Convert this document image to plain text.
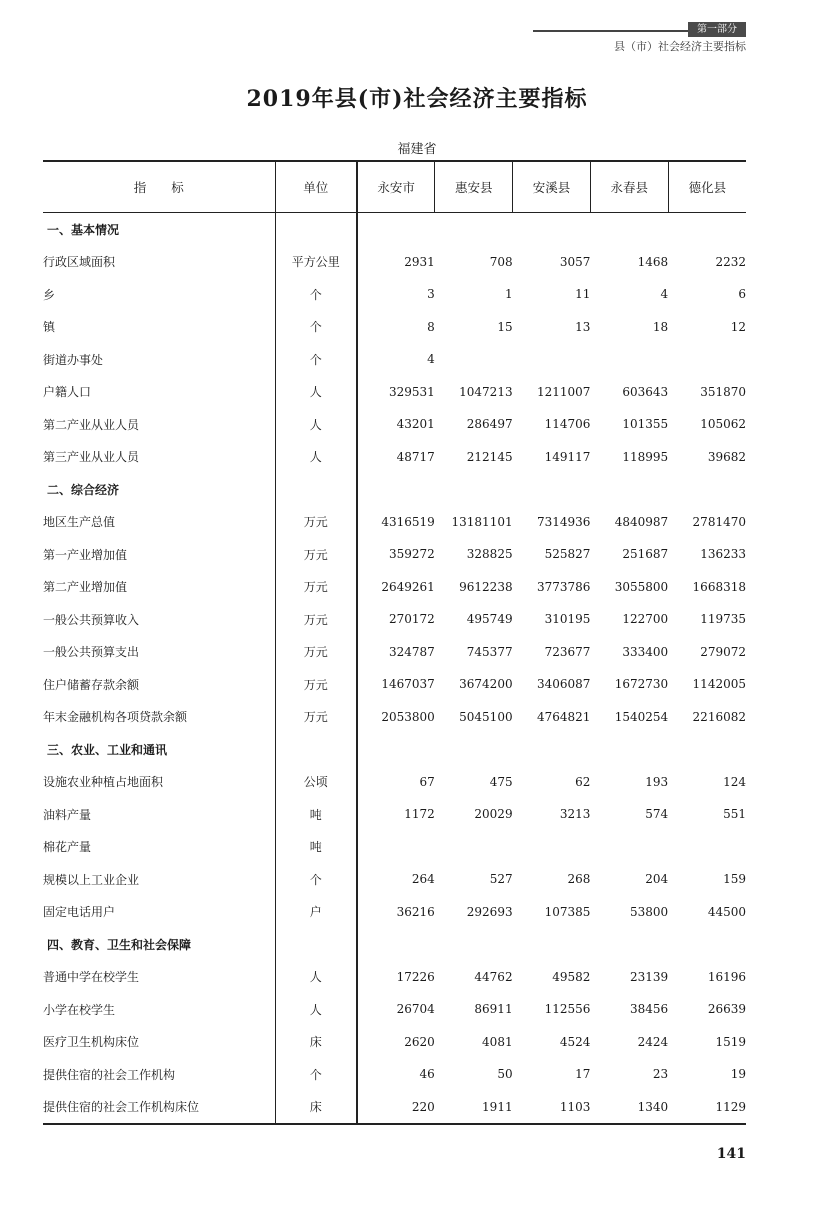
第一部分
县（市）社会经济主要指标
2019年县(市)社会经济主要指标
福建省
指　　标	单位	永安市	惠安县	安溪县	永春县	德化县
一、基本情况						
行政区域面积	平方公里	2931	708	3057	1468	2232
乡	个	3	1	11	4	6
镇	个	8	15	13	18	12
街道办事处	个	4				
户籍人口	人	329531	1047213	1211007	603643	351870
第二产业从业人员	人	43201	286497	114706	101355	105062
第三产业从业人员	人	48717	212145	149117	118995	39682
二、综合经济						
地区生产总值	万元	4316519	13181101	7314936	4840987	2781470
第一产业增加值	万元	359272	328825	525827	251687	136233
第二产业增加值	万元	2649261	9612238	3773786	3055800	1668318
一般公共预算收入	万元	270172	495749	310195	122700	119735
一般公共预算支出	万元	324787	745377	723677	333400	279072
住户储蓄存款余额	万元	1467037	3674200	3406087	1672730	1142005
年末金融机构各项贷款余额	万元	2053800	5045100	4764821	1540254	2216082
三、农业、工业和通讯						
设施农业种植占地面积	公顷	67	475	62	193	124
油料产量	吨	1172	20029	3213	574	551
棉花产量	吨					
规模以上工业企业	个	264	527	268	204	159
固定电话用户	户	36216	292693	107385	53800	44500
四、教育、卫生和社会保障						
普通中学在校学生	人	17226	44762	49582	23139	16196
小学在校学生	人	26704	86911	112556	38456	26639
医疗卫生机构床位	床	2620	4081	4524	2424	1519
提供住宿的社会工作机构	个	46	50	17	23	19
提供住宿的社会工作机构床位	床	220	1911	1103	1340	1129
141
